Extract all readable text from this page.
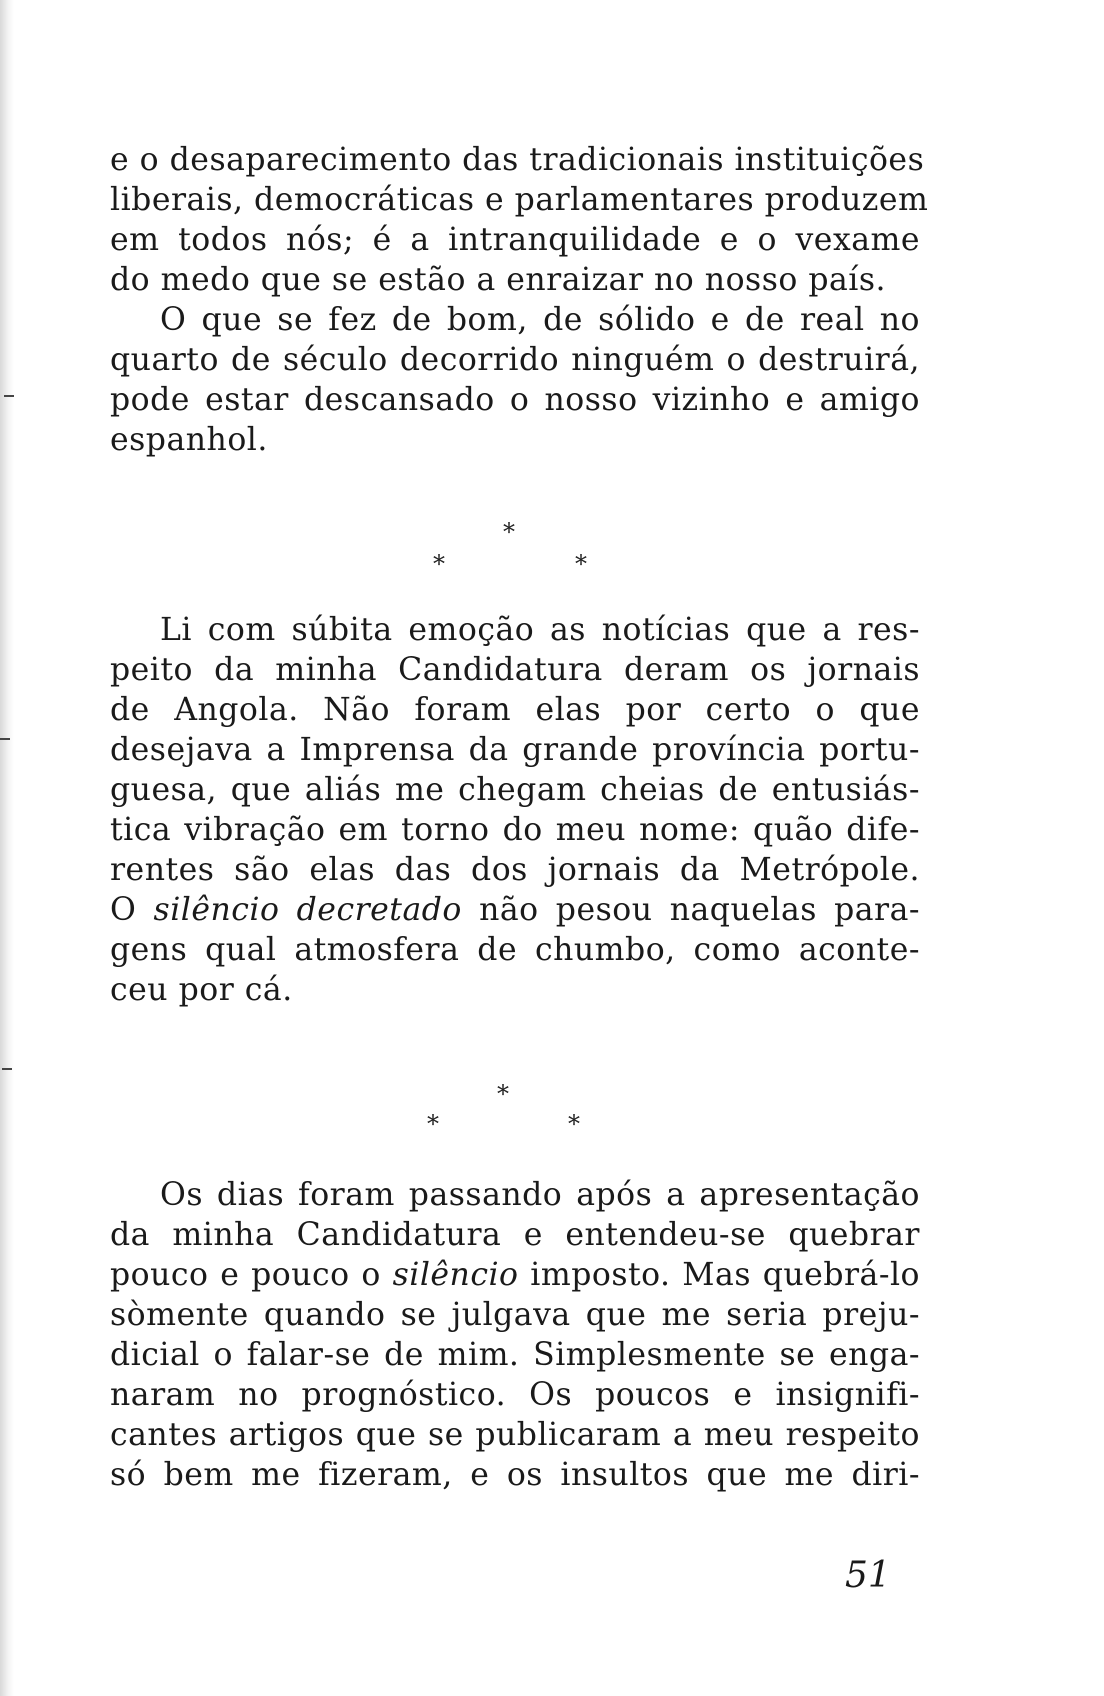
e o desaparecimento das tradicionais instituições
liberais, democráticas e parlamentares produzem
em todos nós; é a intranquilidade e o vexame
do medo que se estão a enraizar no nosso país.
O que se fez de bom, de sólido e de real no
quarto de século decorrido ninguém o destruirá,
pode estar descansado o nosso vizinho e amigo
espanhol.
*
*	*
Li com súbita emoção as notícias que a res-
peito da minha Candidatura deram os jornais
de Angola. Não foram elas por certo o que
desejava a Imprensa da grande província portu-
guesa, que aliás me chegam cheias de entusiás-
tica vibração em torno do meu nome: quão dife-
rentes são elas das dos jornais da Metrópole.
O silêncio decretado não pesou naquelas para-
gens qual atmosfera de chumbo, como aconte-
ceu por cá.
*
*	*
Os dias foram passando após a apresentação
da minha Candidatura e entendeu-se quebrar
pouco e pouco o silêncio imposto. Mas quebrá-lo
sòmente quando se julgava que me seria preju-
dicial o falar-se de mim. Simplesmente se enga-
naram no prognóstico. Os poucos e insignifi-
cantes artigos que se publicaram a meu respeito
só bem me fizeram, e os insultos que me diri-
51
